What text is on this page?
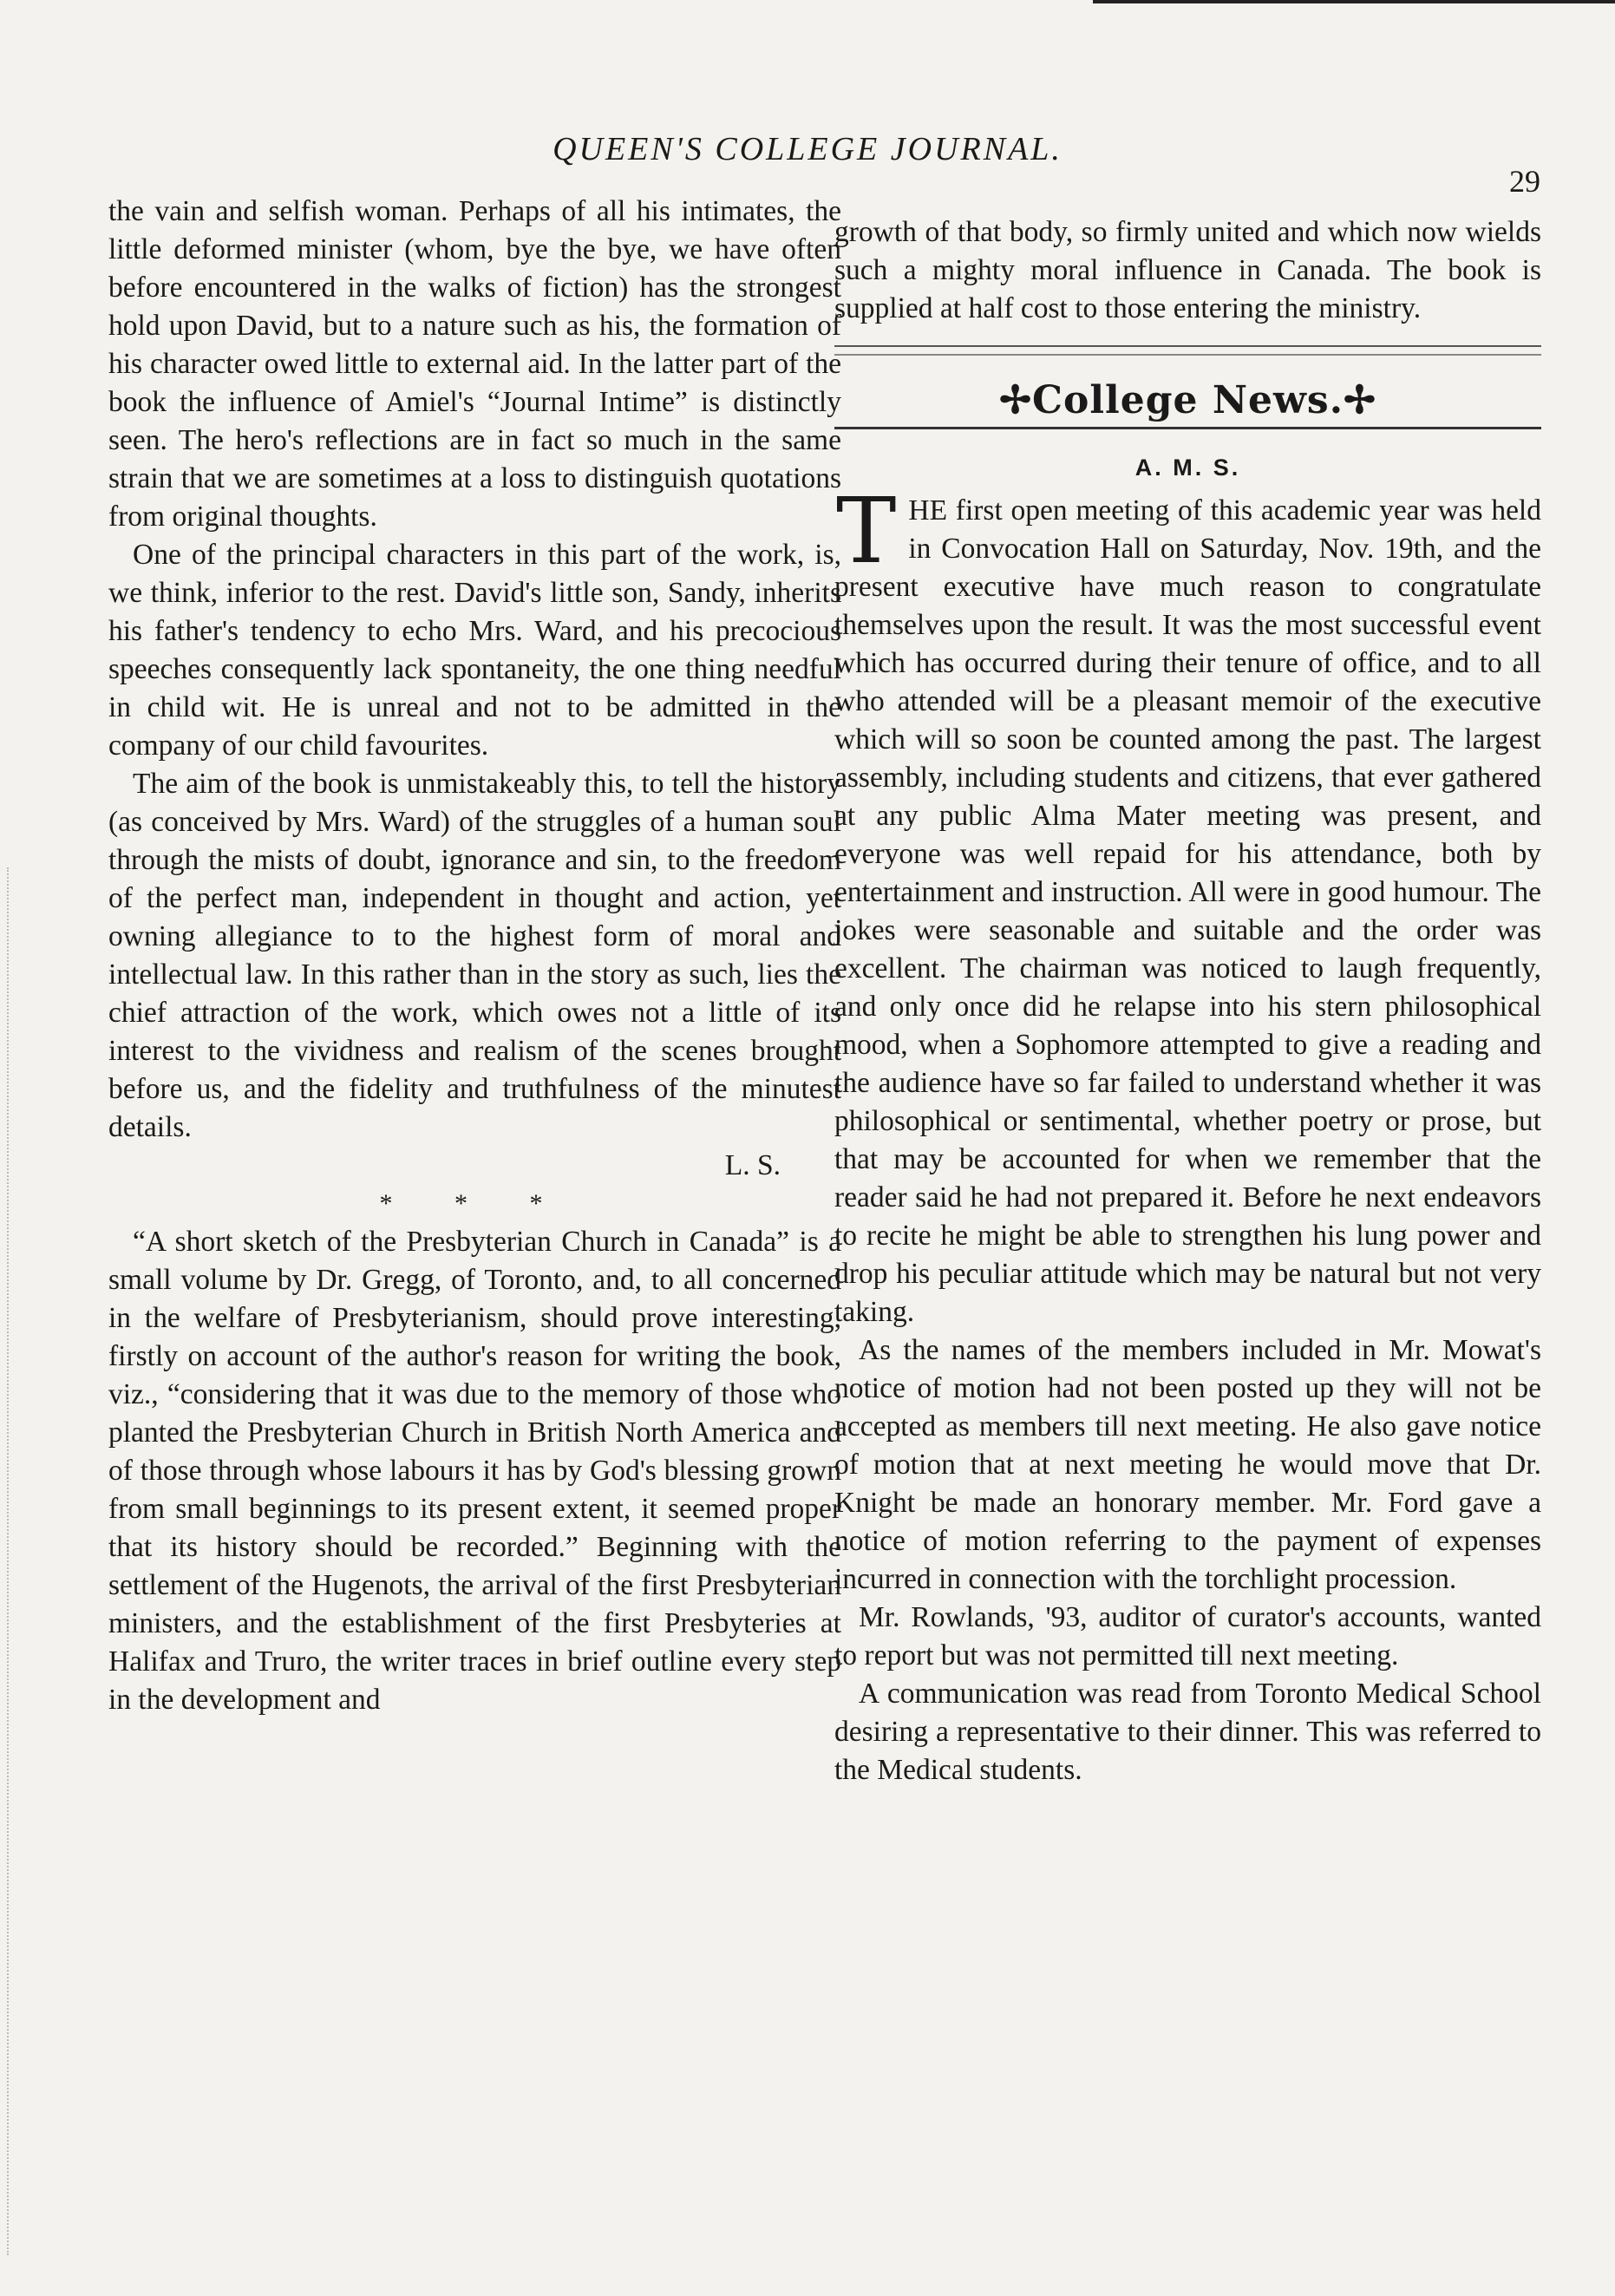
QUEEN'S COLLEGE JOURNAL.
29

the vain and selfish woman. Perhaps of all his intimates, the little deformed minister (whom, bye the bye, we have often before encountered in the walks of fiction) has the strongest hold upon David, but to a nature such as his, the formation of his character owed little to external aid. In the latter part of the book the influence of Amiel's “Journal Intime” is distinctly seen. The hero's reflections are in fact so much in the same strain that we are sometimes at a loss to distinguish quotations from original thoughts.

One of the principal characters in this part of the work, is, we think, inferior to the rest. David's little son, Sandy, inherits his father's tendency to echo Mrs. Ward, and his precocious speeches consequently lack spontaneity, the one thing needful in child wit. He is unreal and not to be admitted in the company of our child favourites.

The aim of the book is unmistakeably this, to tell the history (as conceived by Mrs. Ward) of the struggles of a human soul through the mists of doubt, ignorance and sin, to the freedom of the perfect man, independent in thought and action, yet owning allegiance to to the highest form of moral and intellectual law. In this rather than in the story as such, lies the chief attraction of the work, which owes not a little of its interest to the vividness and realism of the scenes brought before us, and the fidelity and truthfulness of the minutest details.

L. S.

* * *

“A short sketch of the Presbyterian Church in Canada” is a small volume by Dr. Gregg, of Toronto, and, to all concerned in the welfare of Presbyterianism, should prove interesting, firstly on account of the author's reason for writing the book, viz., “considering that it was due to the memory of those who planted the Presbyterian Church in British North America and of those through whose labours it has by God's blessing grown from small beginnings to its present extent, it seemed proper that its history should be recorded.” Beginning with the settlement of the Hugenots, the arrival of the first Presbyterian ministers, and the establishment of the first Presbyteries at Halifax and Truro, the writer traces in brief outline every step in the development and

growth of that body, so firmly united and which now wields such a mighty moral influence in Canada. The book is supplied at half cost to those entering the ministry.

✢College News.✢
A. M. S.

THE first open meeting of this academic year was held in Convocation Hall on Saturday, Nov. 19th, and the present executive have much reason to congratulate themselves upon the result. It was the most successful event which has occurred during their tenure of office, and to all who attended will be a pleasant memoir of the executive which will so soon be counted among the past. The largest assembly, including students and citizens, that ever gathered at any public Alma Mater meeting was present, and everyone was well repaid for his attendance, both by entertainment and instruction. All were in good humour. The jokes were seasonable and suitable and the order was excellent. The chairman was noticed to laugh frequently, and only once did he relapse into his stern philosophical mood, when a Sophomore attempted to give a reading and the audience have so far failed to understand whether it was philosophical or sentimental, whether poetry or prose, but that may be accounted for when we remember that the reader said he had not prepared it. Before he next endeavors to recite he might be able to strengthen his lung power and drop his peculiar attitude which may be natural but not very taking.

As the names of the members included in Mr. Mowat's notice of motion had not been posted up they will not be accepted as members till next meeting. He also gave notice of motion that at next meeting he would move that Dr. Knight be made an honorary member. Mr. Ford gave a notice of motion referring to the payment of expenses incurred in connection with the torchlight procession.

Mr. Rowlands, '93, auditor of curator's accounts, wanted to report but was not permitted till next meeting.

A communication was read from Toronto Medical School desiring a representative to their dinner. This was referred to the Medical students.
